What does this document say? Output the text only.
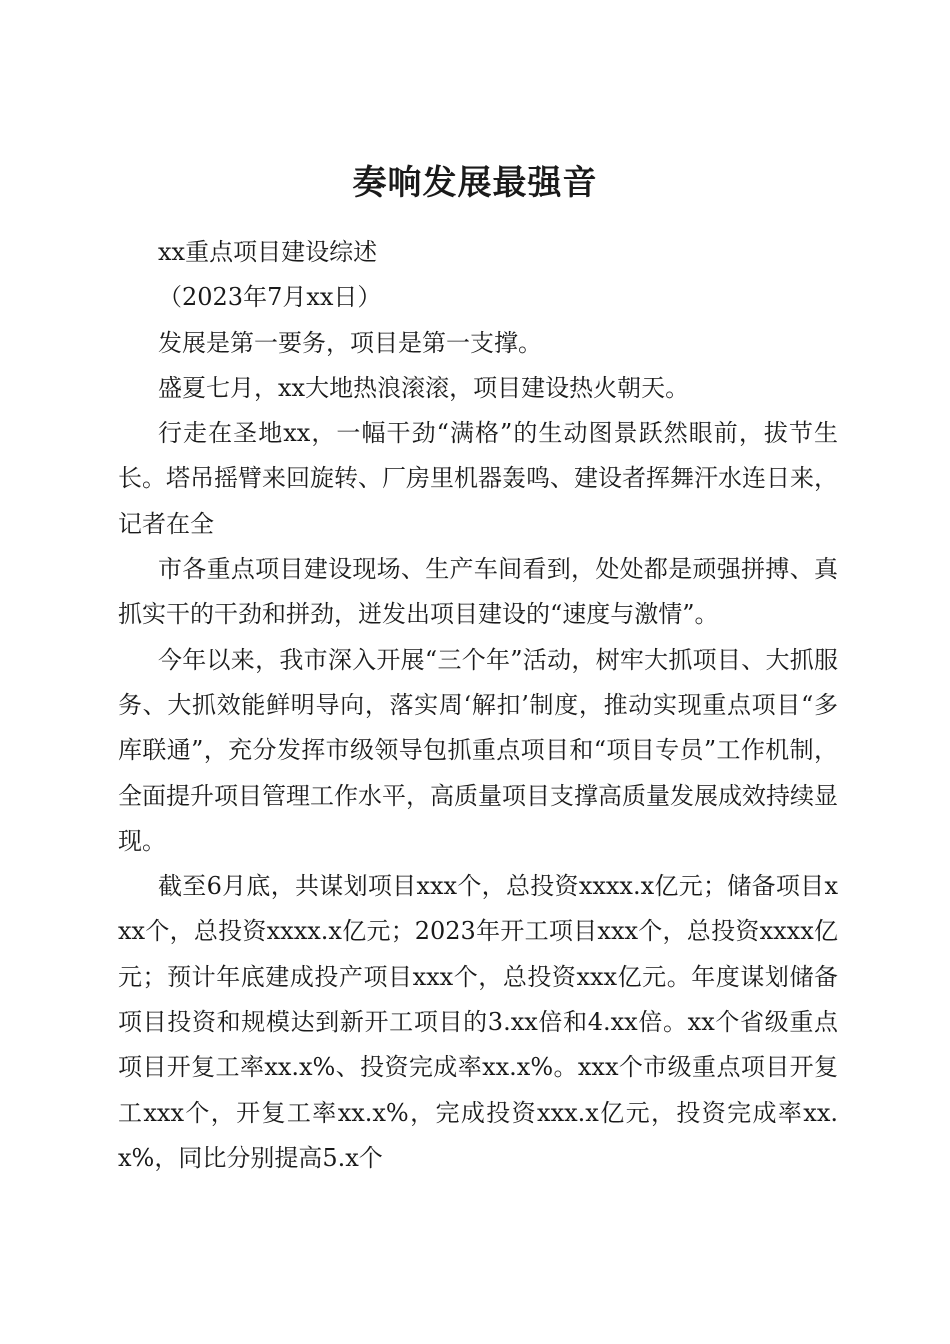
奏响发展最强音

xx重点项目建设综述

（2023年7月xx日）

发展是第一要务，项目是第一支撑。

盛夏七月，xx大地热浪滚滚，项目建设热火朝天。

行走在圣地xx，一幅干劲“满格”的生动图景跃然眼前，拔节生长。塔吊摇臂来回旋转、厂房里机器轰鸣、建设者挥舞汗水连日来，记者在全

市各重点项目建设现场、生产车间看到，处处都是顽强拼搏、真抓实干的干劲和拼劲，迸发出项目建设的“速度与激情”。

今年以来，我市深入开展“三个年”活动，树牢大抓项目、大抓服务、大抓效能鲜明导向，落实周‘解扣’制度，推动实现重点项目“多库联通”，充分发挥市级领导包抓重点项目和“项目专员”工作机制，全面提升项目管理工作水平，高质量项目支撑高质量发展成效持续显现。

截至6月底，共谋划项目xxx个，总投资xxxx.x亿元；储备项目xxx个，总投资xxxx.x亿元；2023年开工项目xxx个，总投资xxxx亿元；预计年底建成投产项目xxx个，总投资xxx亿元。年度谋划储备项目投资和规模达到新开工项目的3.xx倍和4.xx倍。xx个省级重点项目开复工率xx.x%、投资完成率xx.x%。xxx个市级重点项目开复工xxx个，开复工率xx.x%，完成投资xxx.x亿元，投资完成率xx.x%，同比分别提高5.x个
